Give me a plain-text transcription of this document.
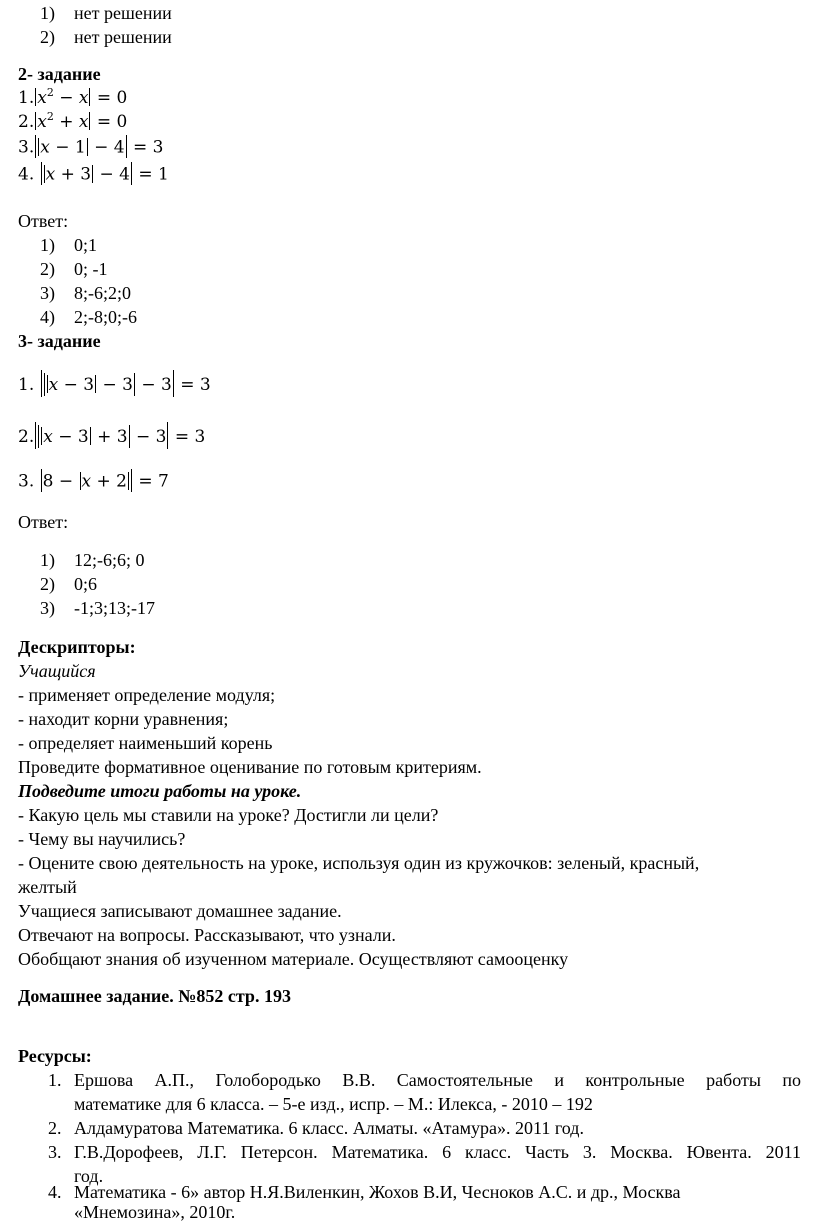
1) нет решении
2) нет решении
2- задание
1. $x^2 - x = 0$
2. $x^2 + x = 0$
3. x − 1 − 4 = 3
4. x + 3 − 4 = 1
Ответ:
1) 0;1
2) 0; -1
3) 8;-6;2;0
4) 2;-8;0;-6
3- задание
1. x − 3 − 3 − 3 = 3
2. x − 3 + 3 − 3 = 3
3. 8 − x + 2 = 7
Ответ:
1) 12;-6;6; 0
2) 0;6
3) -1;3;13;-17
Дескрипторы:
Учащийся
- применяет определение модуля;
- находит корни уравнения;
- определяет наименьший корень
Проведите формативное оценивание по готовым критериям.
Подведите итоги работы на уроке.
- Какую цель мы ставили на уроке? Достигли ли цели?
- Чему вы научились?
- Оцените свою деятельность на уроке, используя один из кружочков: зеленый, красный,
желтый
Учащиеся записывают домашнее задание.
Отвечают на вопросы. Рассказывают, что узнали.
Обобщают знания об изученном материале. Осуществляют самооценку
Домашнее задание. №852 стр. 193
Ресурсы:
1. Ершова А.П., Голобородько В.В. Самостоятельные и контрольные работы по
математике для 6 класса. – 5-е изд., испр. – М.: Илекса, - 2010 – 192
2. Алдамуратова Математика. 6 класс. Алматы. «Атамура». 2011 год.
3. Г.В.Дорофеев, Л.Г. Петерсон. Математика. 6 класс. Часть 3. Москва. Ювента. 2011
год.
4. Математика - 6» автор Н.Я.Виленкин, Жохов В.И, Чесноков А.С. и др., Москва
«Мнемозина», 2010г.
